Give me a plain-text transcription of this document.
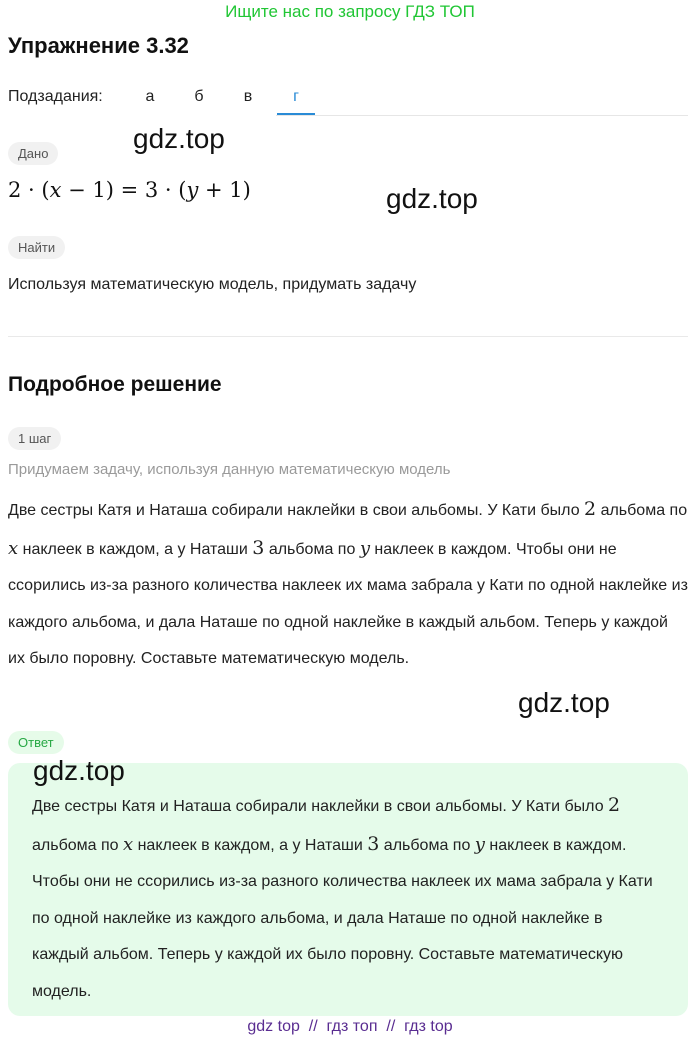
Ищите нас по запросу ГДЗ ТОП
Упражнение 3.32
Подзадания:	а	б	в	г
gdz.top
Дано
2 · (x − 1) = 3 · (y + 1)	gdz.top
Найти
Используя математическую модель, придумать задачу
Подробное решение
1 шаг
Придумаем задачу, используя данную математическую модель
Две сестры Катя и Наташа собирали наклейки в свои альбомы. У Кати было 2 альбома по x наклеек в каждом, а у Наташи 3 альбома по y наклеек в каждом. Чтобы они не ссорились из-за разного количества наклеек их мама забрала у Кати по одной наклейке из каждого альбома, и дала Наташе по одной наклейке в каждый альбом. Теперь у каждой их было поровну. Составьте математическую модель.
gdz.top
Ответ
gdz.top
Две сестры Катя и Наташа собирали наклейки в свои альбомы. У Кати было 2 альбома по x наклеек в каждом, а у Наташи 3 альбома по y наклеек в каждом. Чтобы они не ссорились из-за разного количества наклеек их мама забрала у Кати по одной наклейке из каждого альбома, и дала Наташе по одной наклейке в каждый альбом. Теперь у каждой их было поровну. Составьте математическую модель.
gdz top  //  гдз топ  //  гдз top
